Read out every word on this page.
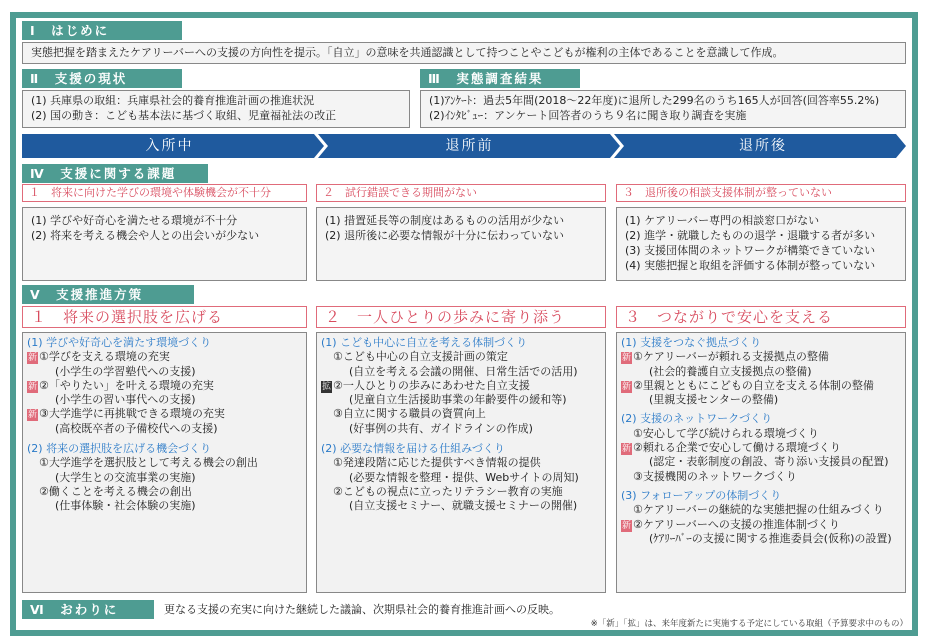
Ⅰ　はじめに
実態把握を踏まえたケアリーバーへの支援の方向性を提示。「自立」の意味を共通認識として持つことやこどもが権利の主体であることを意識して作成。
Ⅱ　支援の現状
(1) 兵庫県の取組：兵庫県社会的養育推進計画の推進状況
(2) 国の動き：こども基本法に基づく取組、児童福祉法の改正
Ⅲ　実態調査結果
(1)ｱﾝｹｰﾄ：過去5年間(2018～22年度)に退所した299名のうち165人が回答(回答率55.2%)
(2)ｲﾝﾀﾋﾞｭｰ：アンケート回答者のうち９名に聞き取り調査を実施
入所中	退所前	退所後
Ⅳ　支援に関する課題
１　将来に向けた学びの環境や体験機会が不十分	２　試行錯誤できる期間がない	３　退所後の相談支援体制が整っていない
(1) 学びや好奇心を満たせる環境が不十分
(2) 将来を考える機会や人との出会いが少ない
(1) 措置延長等の制度はあるものの活用が少ない
(2) 退所後に必要な情報が十分に伝わっていない
(1) ケアリーバー専門の相談窓口がない
(2) 進学・就職したものの退学・退職する者が多い
(3) 支援団体間のネットワークが構築できていない
(4) 実態把握と取組を評価する体制が整っていない
Ⅴ　支援推進方策
１　将来の選択肢を広げる	２　一人ひとりの歩みに寄り添う	３　つながりで安心を支える
(1) 学びや好奇心を満たす環境づくり
新 ①学びを支える環境の充実
(小学生の学習塾代への支援)
新 ②「やりたい」を叶える環境の充実
(小学生の習い事代への支援)
新 ③大学進学に再挑戦できる環境の充実
(高校既卒者の予備校代への支援)
(2) 将来の選択肢を広げる機会づくり
①大学進学を選択肢として考える機会の創出
(大学生との交流事業の実施)
②働くことを考える機会の創出
(仕事体験・社会体験の実施)
(1) こども中心に自立を考える体制づくり
①こども中心の自立支援計画の策定
(自立を考える会議の開催、日常生活での活用)
拡 ②一人ひとりの歩みにあわせた自立支援
(児童自立生活援助事業の年齢要件の緩和等)
③自立に関する職員の資質向上
(好事例の共有、ガイドラインの作成)
(2) 必要な情報を届ける仕組みづくり
①発達段階に応じた提供すべき情報の提供
(必要な情報を整理・提供、Webサイトの周知)
②こどもの視点に立ったリテラシー教育の実施
(自立支援セミナー、就職支援セミナーの開催)
(1) 支援をつなぐ拠点づくり
新 ①ケアリーバーが頼れる支援拠点の整備
(社会的養護自立支援拠点の整備)
新 ②里親とともにこどもの自立を支える体制の整備
(里親支援センターの整備)
(2) 支援のネットワークづくり
①安心して学び続けられる環境づくり
新 ②頼れる企業で安心して働ける環境づくり
(認定・表彰制度の創設、寄り添い支援員の配置)
③支援機関のネットワークづくり
(3) フォローアップの体制づくり
①ケアリーバーの継続的な実態把握の仕組みづくり
新 ②ケアリーバーへの支援の推進体制づくり
(ｹｱﾘｰﾊﾞｰの支援に関する推進委員会(仮称)の設置)
Ⅵ　おわりに	更なる支援の充実に向けた継続した議論、次期県社会的養育推進計画への反映。
※「新」「拡」は、来年度新たに実施する予定にしている取組（予算要求中のもの）
